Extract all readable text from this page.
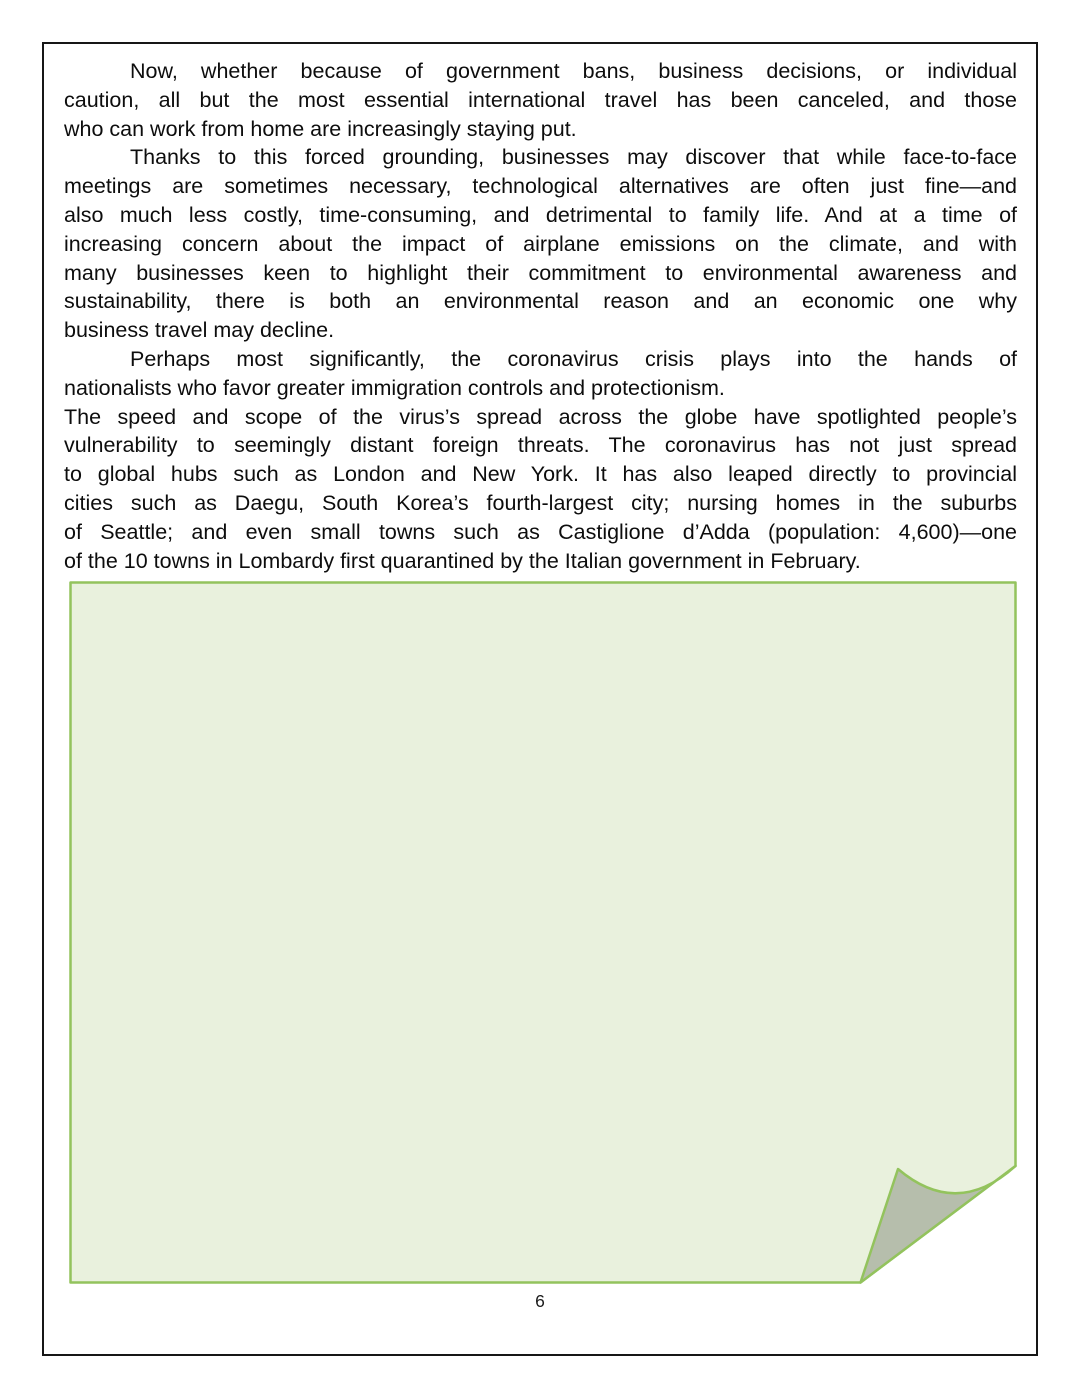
Now, whether because of government bans, business decisions, or individual
caution, all but the most essential international travel has been canceled, and those
who can work from home are increasingly staying put.
Thanks to this forced grounding, businesses may discover that while face-to-face
meetings are sometimes necessary, technological alternatives are often just fine—and
also much less costly, time-consuming, and detrimental to family life. And at a time of
increasing concern about the impact of airplane emissions on the climate, and with
many businesses keen to highlight their commitment to environmental awareness and
sustainability, there is both an environmental reason and an economic one why
business travel may decline.
Perhaps most significantly, the coronavirus crisis plays into the hands of
nationalists who favor greater immigration controls and protectionism.
The speed and scope of the virus’s spread across the globe have spotlighted people’s
vulnerability to seemingly distant foreign threats. The coronavirus has not just spread
to global hubs such as London and New York. It has also leaped directly to provincial
cities such as Daegu, South Korea’s fourth-largest city; nursing homes in the suburbs
of Seattle; and even small towns such as Castiglione d’Adda (population: 4,600)—one
of the 10 towns in Lombardy first quarantined by the Italian government in February.
6
